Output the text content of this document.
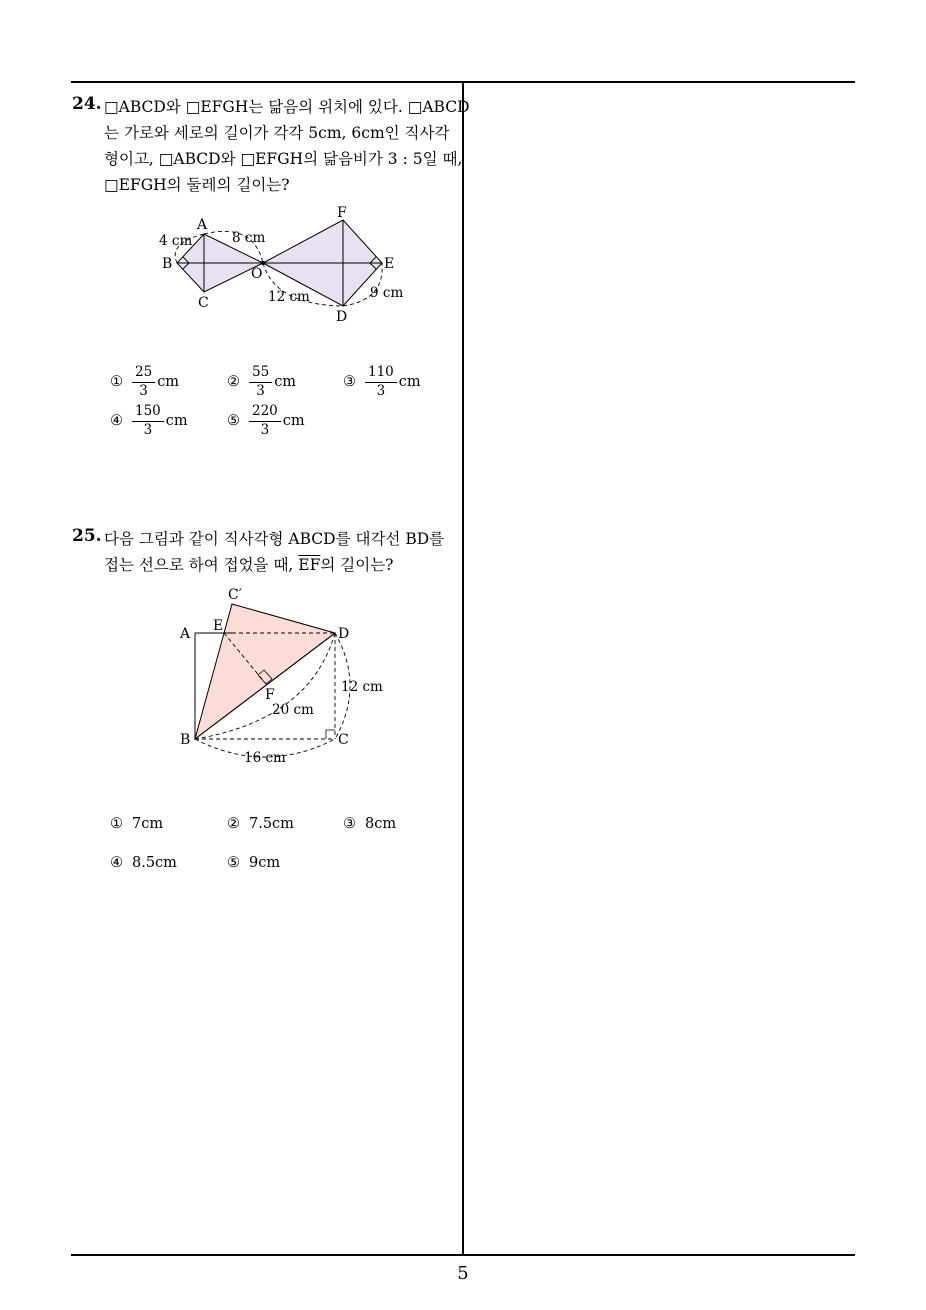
24. □ABCD와 □EFGH는 닮음의 위치에 있다. □ABCD
는 가로와 세로의 길이가 각각 5cm, 6cm인 직사각
형이고, □ABCD와 □EFGH의 닮음비가 3 : 5일 때,
□EFGH의 둘레의 길이는?
A
B
C
O
F
E
D
4 cm	8 cm
12 cm	9 cm
① $\frac{25}{3}$ cm	② $\frac{55}{3}$ cm	③ $\frac{110}{3}$ cm
④ $\frac{150}{3}$ cm	⑤ $\frac{220}{3}$ cm
25. 다음 그림과 같이 직사각형 ABCD를 대각선 BD를
접는 선으로 하여 접었을 때, $\overline{EF}$의 길이는?
C′
A E	D
F
B	C
12 cm
20 cm
16 cm
① 7cm	② 7.5cm	③ 8cm
④ 8.5cm	⑤ 9cm
5
